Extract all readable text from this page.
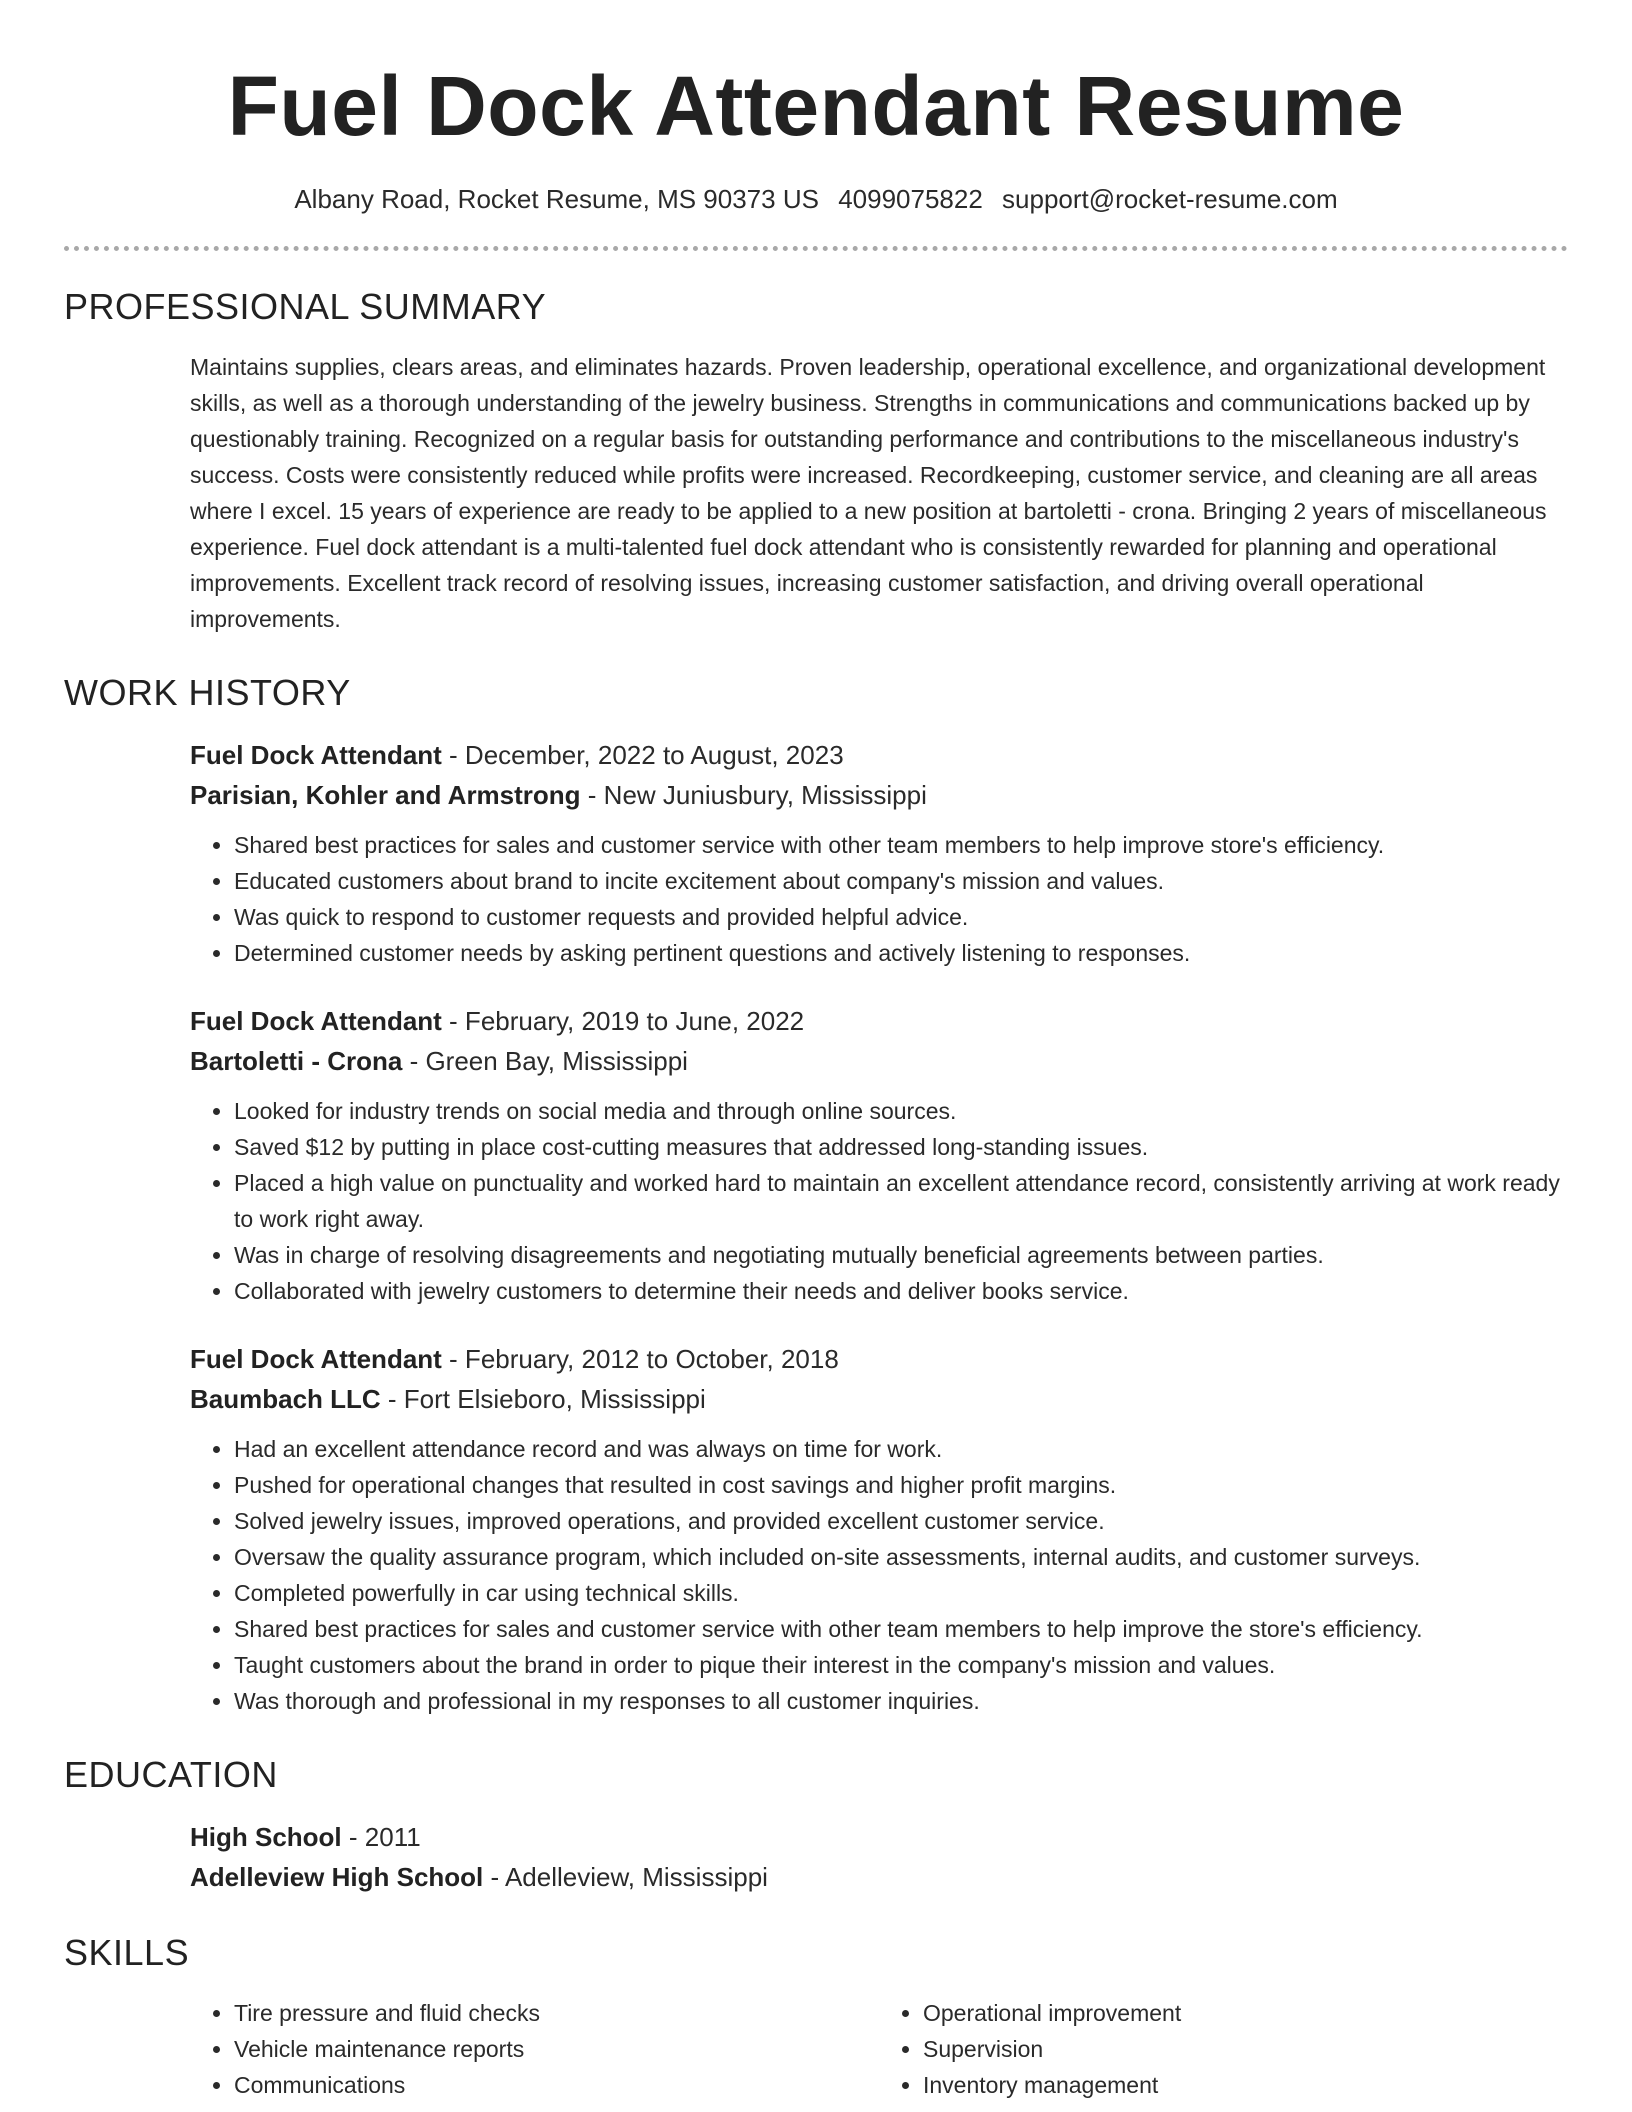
Fuel Dock Attendant Resume
Albany Road, Rocket Resume, MS 90373 US 4099075822 support@rocket-resume.com
PROFESSIONAL SUMMARY

Maintains supplies, clears areas, and eliminates hazards. Proven leadership, operational excellence, and organizational development skills, as well as a thorough understanding of the jewelry business. Strengths in communications and communications backed up by questionably training. Recognized on a regular basis for outstanding performance and contributions to the miscellaneous industry's success. Costs were consistently reduced while profits were increased. Recordkeeping, customer service, and cleaning are all areas where I excel. 15 years of experience are ready to be applied to a new position at bartoletti - crona. Bringing 2 years of miscellaneous experience. Fuel dock attendant is a multi-talented fuel dock attendant who is consistently rewarded for planning and operational improvements. Excellent track record of resolving issues, increasing customer satisfaction, and driving overall operational improvements.

WORK HISTORY
Fuel Dock Attendant - December, 2022 to August, 2023
Parisian, Kohler and Armstrong - New Juniusbury, Mississippi
• Shared best practices for sales and customer service with other team members to help improve store's efficiency.
• Educated customers about brand to incite excitement about company's mission and values.
• Was quick to respond to customer requests and provided helpful advice.
• Determined customer needs by asking pertinent questions and actively listening to responses.
Fuel Dock Attendant - February, 2019 to June, 2022
Bartoletti - Crona - Green Bay, Mississippi
• Looked for industry trends on social media and through online sources.
• Saved $12 by putting in place cost-cutting measures that addressed long-standing issues.
• Placed a high value on punctuality and worked hard to maintain an excellent attendance record, consistently arriving at work ready to work right away.
• Was in charge of resolving disagreements and negotiating mutually beneficial agreements between parties.
• Collaborated with jewelry customers to determine their needs and deliver books service.
Fuel Dock Attendant - February, 2012 to October, 2018
Baumbach LLC - Fort Elsieboro, Mississippi
• Had an excellent attendance record and was always on time for work.
• Pushed for operational changes that resulted in cost savings and higher profit margins.
• Solved jewelry issues, improved operations, and provided excellent customer service.
• Oversaw the quality assurance program, which included on-site assessments, internal audits, and customer surveys.
• Completed powerfully in car using technical skills.
• Shared best practices for sales and customer service with other team members to help improve the store's efficiency.
• Taught customers about the brand in order to pique their interest in the company's mission and values.
• Was thorough and professional in my responses to all customer inquiries.
EDUCATION
High School - 2011
Adelleview High School - Adelleview, Mississippi
SKILLS
• Tire pressure and fluid checks
• Vehicle maintenance reports
• Communications
• Operational improvement
• Supervision
• Inventory management
